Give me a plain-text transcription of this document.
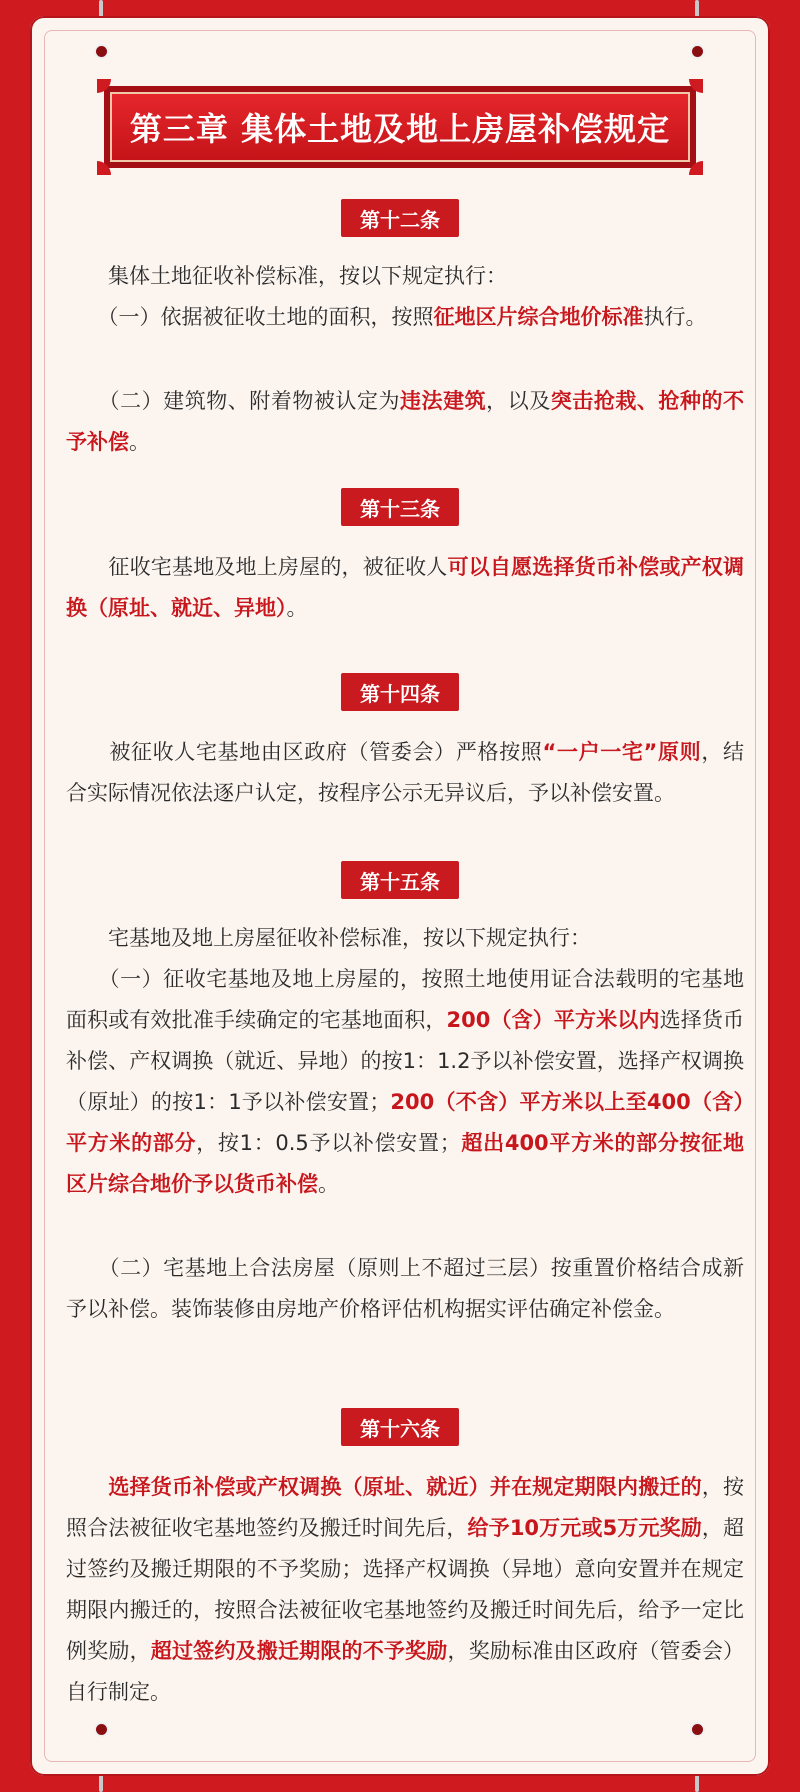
第三章 集体土地及地上房屋补偿规定
第十二条

　　集体土地征收补偿标准，按以下规定执行：

　　（一）依据被征收土地的面积，按照征地区片综合地价标准执行。

　　（二）建筑物、附着物被认定为违法建筑，以及突击抢栽、抢种的不予补偿。

第十三条

　　征收宅基地及地上房屋的，被征收人可以自愿选择货币补偿或产权调换（原址、就近、异地）。

第十四条

　　被征收人宅基地由区政府（管委会）严格按照“一户一宅”原则，结合实际情况依法逐户认定，按程序公示无异议后，予以补偿安置。

第十五条

　　宅基地及地上房屋征收补偿标准，按以下规定执行：

　　（一）征收宅基地及地上房屋的，按照土地使用证合法载明的宅基地面积或有效批准手续确定的宅基地面积，200（含）平方米以内选择货币补偿、产权调换（就近、异地）的按1：1.2予以补偿安置，选择产权调换（原址）的按1：1予以补偿安置；200（不含）平方米以上至400（含）平方米的部分，按1：0.5予以补偿安置；超出400平方米的部分按征地区片综合地价予以货币补偿。

　　（二）宅基地上合法房屋（原则上不超过三层）按重置价格结合成新予以补偿。装饰装修由房地产价格评估机构据实评估确定补偿金。

第十六条

　　选择货币补偿或产权调换（原址、就近）并在规定期限内搬迁的，按照合法被征收宅基地签约及搬迁时间先后，给予10万元或5万元奖励，超过签约及搬迁期限的不予奖励；选择产权调换（异地）意向安置并在规定期限内搬迁的，按照合法被征收宅基地签约及搬迁时间先后，给予一定比例奖励，超过签约及搬迁期限的不予奖励，奖励标准由区政府（管委会）自行制定。
